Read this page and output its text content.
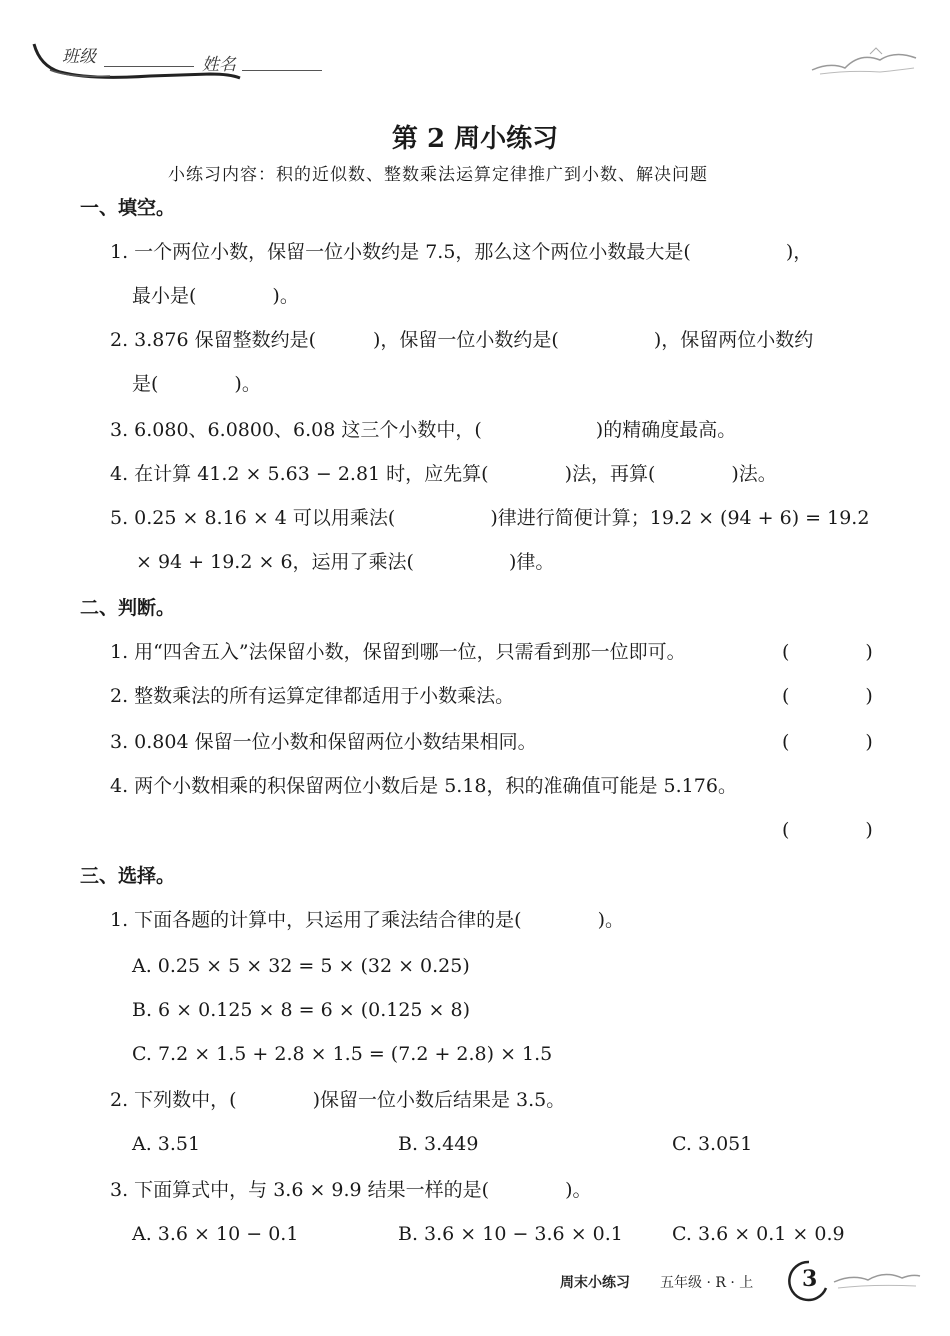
班级	姓名
第 2 周小练习
小练习内容：积的近似数、整数乘法运算定律推广到小数、解决问题
一、填空。
1. 一个两位小数，保留一位小数约是 7.5，那么这个两位小数最大是(　　　　　)，
最小是(　　　　)。
2. 3.876 保留整数约是(　　　)，保留一位小数约是(　　　　　)，保留两位小数约
是(　　　　)。
3. 6.080、6.0800、6.08 这三个小数中，(　　　　　　)的精确度最高。
4. 在计算 41.2 × 5.63 − 2.81 时，应先算(　　　　)法，再算(　　　　)法。
5. 0.25 × 8.16 × 4 可以用乘法(　　　　　)律进行简便计算；19.2 × (94 + 6) = 19.2
× 94 + 19.2 × 6，运用了乘法(　　　　　)律。
二、判断。
1. 用“四舍五入”法保留小数，保留到哪一位，只需看到那一位即可。	(　　　　)
2. 整数乘法的所有运算定律都适用于小数乘法。	(　　　　)
3. 0.804 保留一位小数和保留两位小数结果相同。	(　　　　)
4. 两个小数相乘的积保留两位小数后是 5.18，积的准确值可能是 5.176。
(　　　　)
三、选择。
1. 下面各题的计算中，只运用了乘法结合律的是(　　　　)。
A. 0.25 × 5 × 32 = 5 × (32 × 0.25)
B. 6 × 0.125 × 8 = 6 × (0.125 × 8)
C. 7.2 × 1.5 + 2.8 × 1.5 = (7.2 + 2.8) × 1.5
2. 下列数中，(　　　　)保留一位小数后结果是 3.5。
A. 3.51	B. 3.449	C. 3.051
3. 下面算式中，与 3.6 × 9.9 结果一样的是(　　　　)。
A. 3.6 × 10 − 0.1	B. 3.6 × 10 − 3.6 × 0.1	C. 3.6 × 0.1 × 0.9
周末小练习 五年级 · R · 上 3
